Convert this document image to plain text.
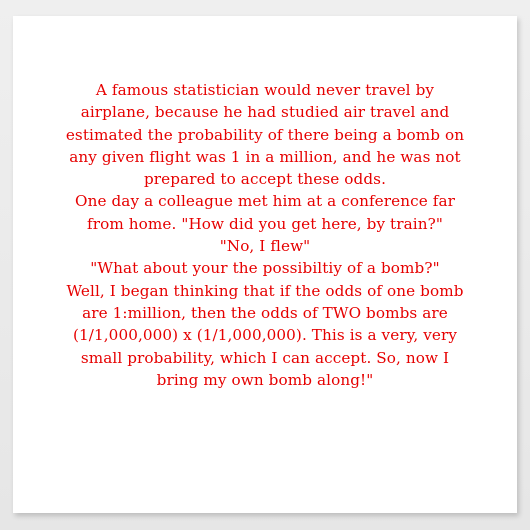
A famous statistician would never travel by
airplane, because he had studied air travel and
estimated the probability of there being a bomb on
any given flight was 1 in a million, and he was not
prepared to accept these odds.
One day a colleague met him at a conference far
from home. "How did you get here, by train?"
"No, I flew"
"What about your the possibiltiy of a bomb?"
Well, I began thinking that if the odds of one bomb
are 1:million, then the odds of TWO bombs are
(1/1,000,000) x (1/1,000,000). This is a very, very
small probability, which I can accept. So, now I
bring my own bomb along!"
